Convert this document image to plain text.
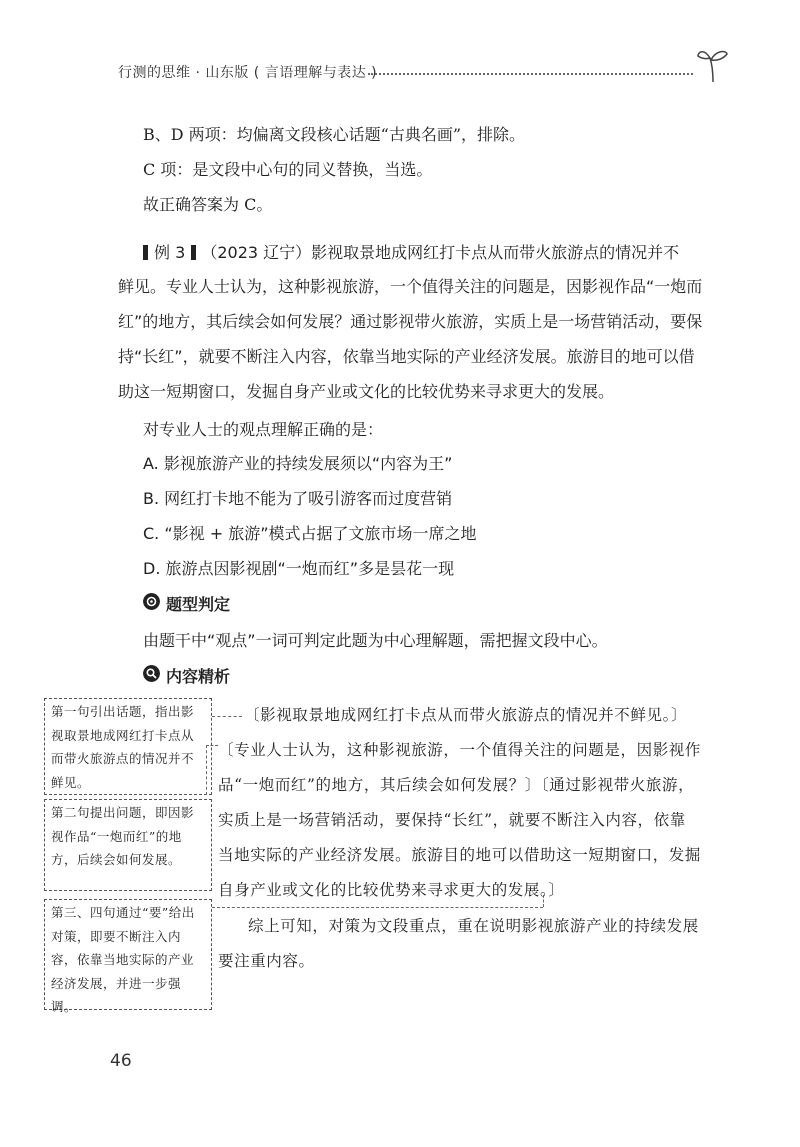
行测的思维 · 山东版 ( 言语理解与表达 )
B、D 两项：均偏离文段核心话题“古典名画”，排除。
C 项：是文段中心句的同义替换，当选。
故正确答案为 C。
例 3 （2023 辽宁）影视取景地成网红打卡点从而带火旅游点的情况并不
鲜见。专业人士认为，这种影视旅游，一个值得关注的问题是，因影视作品“一炮而
红”的地方，其后续会如何发展？通过影视带火旅游，实质上是一场营销活动，要保
持“长红”，就要不断注入内容，依靠当地实际的产业经济发展。旅游目的地可以借
助这一短期窗口，发掘自身产业或文化的比较优势来寻求更大的发展。
对专业人士的观点理解正确的是：
A. 影视旅游产业的持续发展须以“内容为王”
B. 网红打卡地不能为了吸引游客而过度营销
C. “影视 + 旅游”模式占据了文旅市场一席之地
D. 旅游点因影视剧“一炮而红”多是昙花一现
题型判定
由题干中“观点”一词可判定此题为中心理解题，需把握文段中心。
内容精析
〔影视取景地成网红打卡点从而带火旅游点的情况并不鲜见。〕
〔专业人士认为，这种影视旅游，一个值得关注的问题是，因影视作
品“一炮而红”的地方，其后续会如何发展？〕〔通过影视带火旅游，
实质上是一场营销活动，要保持“长红”，就要不断注入内容，依靠
当地实际的产业经济发展。旅游目的地可以借助这一短期窗口，发掘
自身产业或文化的比较优势来寻求更大的发展。〕
综上可知，对策为文段重点，重在说明影视旅游产业的持续发展
要注重内容。
第一句引出话题，指出影视取景地成网红打卡点从而带火旅游点的情况并不鲜见。
第二句提出问题，即因影视作品“一炮而红”的地方，后续会如何发展。
第三、四句通过“要”给出对策，即要不断注入内容，依靠当地实际的产业经济发展，并进一步强调。
46
